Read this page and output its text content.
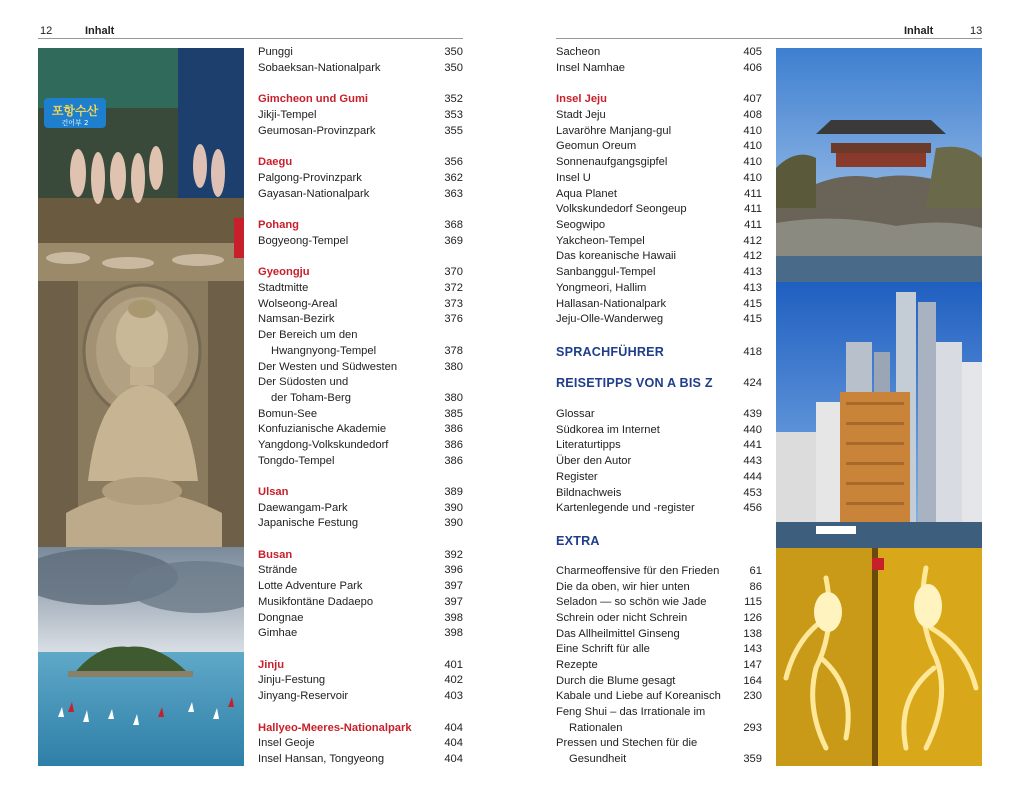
12	Inhalt	Inhalt	13
포항수산
건어부 2
Punggi	350
Sobaeksan-Nationalpark	350
Gimcheon und Gumi	352
Jikji-Tempel	353
Geumosan-Provinzpark	355
Daegu	356
Palgong-Provinzpark	362
Gayasan-Nationalpark	363
Pohang	368
Bogyeong-Tempel	369
Gyeongju	370
Stadtmitte	372
Wolseong-Areal	373
Namsan-Bezirk	376
Der Bereich um den
Hwangnyong-Tempel	378
Der Westen und Südwesten	380
Der Südosten und
der Toham-Berg	380
Bomun-See	385
Konfuzianische Akademie	386
Yangdong-Volkskundedorf	386
Tongdo-Tempel	386
Ulsan	389
Daewangam-Park	390
Japanische Festung	390
Busan	392
Strände	396
Lotte Adventure Park	397
Musikfontäne Dadaepo	397
Dongnae	398
Gimhae	398
Jinju	401
Jinju-Festung	402
Jinyang-Reservoir	403
Hallyeo-Meeres-Nationalpark	404
Insel Geoje	404
Insel Hansan, Tongyeong	404
Sacheon	405
Insel Namhae	406
Insel Jeju	407
Stadt Jeju	408
Lavaröhre Manjang-gul	410
Geomun Oreum	410
Sonnenaufgangsgipfel	410
Insel U	410
Aqua Planet	411
Volkskundedorf Seongeup	411
Seogwipo	411
Yakcheon-Tempel	412
Das koreanische Hawaii	412
Sanbanggul-Tempel	413
Yongmeori, Hallim	413
Hallasan-Nationalpark	415
Jeju-Olle-Wanderweg	415
SPRACHFÜHRER	418
REISETIPPS VON A BIS Z	424
Glossar	439
Südkorea im Internet	440
Literaturtipps	441
Über den Autor	443
Register	444
Bildnachweis	453
Kartenlegende und -register	456
EXTRA
Charmeoffensive für den Frieden	61
Die da oben, wir hier unten	86
Seladon — so schön wie Jade	115
Schrein oder nicht Schrein	126
Das Allheilmittel Ginseng	138
Eine Schrift für alle	143
Rezepte	147
Durch die Blume gesagt	164
Kabale und Liebe auf Koreanisch 230
Feng Shui – das Irrationale im
Rationalen	293
Pressen und Stechen für die
Gesundheit	359
